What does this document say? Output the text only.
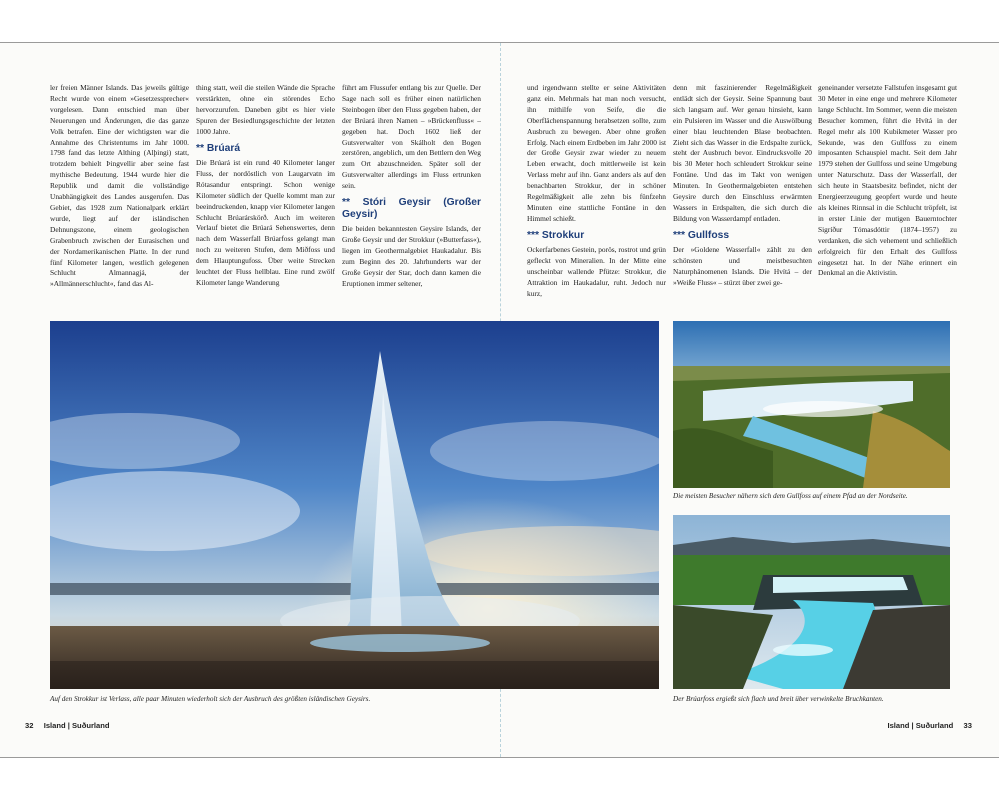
ler freien Männer Islands. Das jeweils gültige Recht wurde von einem »Gesetzessprecher« vorgelesen. Dann entschied man über Neuerungen und Änderungen, die das ganze Volk betrafen. Eine der wichtigsten war die Annahme des Christentums im Jahr 1000. 1798 fand das letzte Althing (Alþingi) statt, trotzdem behielt Þingvellir aber seine fast mythische Bedeutung. 1944 wurde hier die Republik und damit die vollständige Unabhängigkeit des Landes ausgerufen. Das Gebiet, das 1928 zum Nationalpark erklärt wurde, liegt auf der isländischen Dehnungszone, einem geologischen Grabenbruch zwischen der Eurasischen und der Nordamerikanischen Platte. In der rund fünf Kilometer langen, westlich gelegenen Schlucht Almannagjá, der »Allmännerschlucht«, fand das Al-

thing statt, weil die steilen Wände die Sprache verstärkten, ohne ein störendes Echo hervorzurufen. Daneben gibt es hier viele Spuren der Besiedlungsgeschichte der letzten 1000 Jahre.

** Brúará

Die Brúará ist ein rund 40 Kilometer langer Fluss, der nordöstlich von Laugarvatn im Rótasandur entspringt. Schon wenige Kilometer südlich der Quelle kommt man zur beeindruckenden, knapp vier Kilometer langen Schlucht Brúarárskörð. Auch im weiteren Verlauf bietet die Brúará Sehenswertes, denn nach dem Wasserfall Brúarfoss gelangt man noch zu weiteren Stufen, dem Miðfoss und dem Hlauptungufoss. Über weite Strecken leuchtet der Fluss hellblau. Eine rund zwölf Kilometer lange Wanderung

führt am Flussufer entlang bis zur Quelle. Der Sage nach soll es früher einen natürlichen Steinbogen über den Fluss gegeben haben, der der Brúará ihren Namen – »Brückenfluss« – gegeben hat. Doch 1602 ließ der Gutsverwalter von Skálholt den Bogen zerstören, angeblich, um den Bettlern den Weg zum Ort abzuschneiden. Später soll der Gutsverwalter allerdings im Fluss ertrunken sein.

** Stóri Geysir (Großer Geysir)

Die beiden bekanntesten Geysire Islands, der Große Geysir und der Strokkur (»Butterfass«), liegen im Geothermalgebiet Haukadalur. Bis zum Beginn des 20. Jahrhunderts war der Große Geysir der Star, doch dann kamen die Eruptionen immer seltener,

und irgendwann stellte er seine Aktivitäten ganz ein. Mehrmals hat man noch versucht, ihn mithilfe von Seife, die die Oberflächenspannung herabsetzen sollte, zum Ausbruch zu bewegen. Aber ohne großen Erfolg. Nach einem Erdbeben im Jahr 2000 ist der Große Geysir zwar wieder zu neuem Leben erwacht, doch mittlerweile ist kein Verlass mehr auf ihn. Ganz anders als auf den benachbarten Strokkur, der in schöner Regelmäßigkeit alle zehn bis fünfzehn Minuten eine stattliche Fontäne in den Himmel schießt.

*** Strokkur

Ockerfarbenes Gestein, porös, rostrot und grün gefleckt von Mineralien. In der Mitte eine unscheinbar wallende Pfütze: Strokkur, die Attraktion im Haukadalur, ruht. Jedoch nur kurz,

denn mit faszinierender Regelmäßigkeit entlädt sich der Geysir. Seine Spannung baut sich langsam auf. Wer genau hinsieht, kann ein Pulsieren im Wasser und die Auswölbung einer blau leuchtenden Blase beobachten. Zieht sich das Wasser in die Erdspalte zurück, steht der Ausbruch bevor. Eindrucksvolle 20 bis 30 Meter hoch schleudert Strokkur seine Fontäne. Und das im Takt von wenigen Minuten. In Geothermalgebieten entstehen Geysire durch den Einschluss erwärmten Wassers in Erdspalten, die sich durch die Bildung von Wasserdampf entladen.

*** Gullfoss

Der »Goldene Wasserfall« zählt zu den schönsten und meistbesuchten Naturphänomenen Islands. Die Hvítá – der »Weiße Fluss« – stürzt über zwei ge-

geneinander versetzte Fallstufen insgesamt gut 30 Meter in eine enge und mehrere Kilometer lange Schlucht. Im Sommer, wenn die meisten Besucher kommen, führt die Hvítá in der Regel mehr als 100 Kubikmeter Wasser pro Sekunde, was den Gullfoss zu einem imposanten Schauspiel macht. Seit dem Jahr 1979 stehen der Gullfoss und seine Umgebung unter Naturschutz. Dass der Wasserfall, der sich heute in Staatsbesitz befindet, nicht der Energieerzeugung geopfert wurde und heute als kleines Rinnsal in die Schlucht tröpfelt, ist in erster Linie der mutigen Bauerntochter Sigríður Tómasdóttir (1874–1957) zu verdanken, die sich vehement und schließlich erfolgreich für den Erhalt des Gullfoss eingesetzt hat. In der Nähe erinnert ein Denkmal an die Aktivistin.

Auf den Strokkur ist Verlass, alle paar Minuten wiederholt sich der Ausbruch des größten isländischen Geysirs.

Die meisten Besucher nähern sich dem Gullfoss auf einem Pfad an der Nordseite.

Der Brúarfoss ergießt sich flach und breit über verwinkelte Bruchkanten.

32 Island | Suðurland	Island | Suðurland 33
